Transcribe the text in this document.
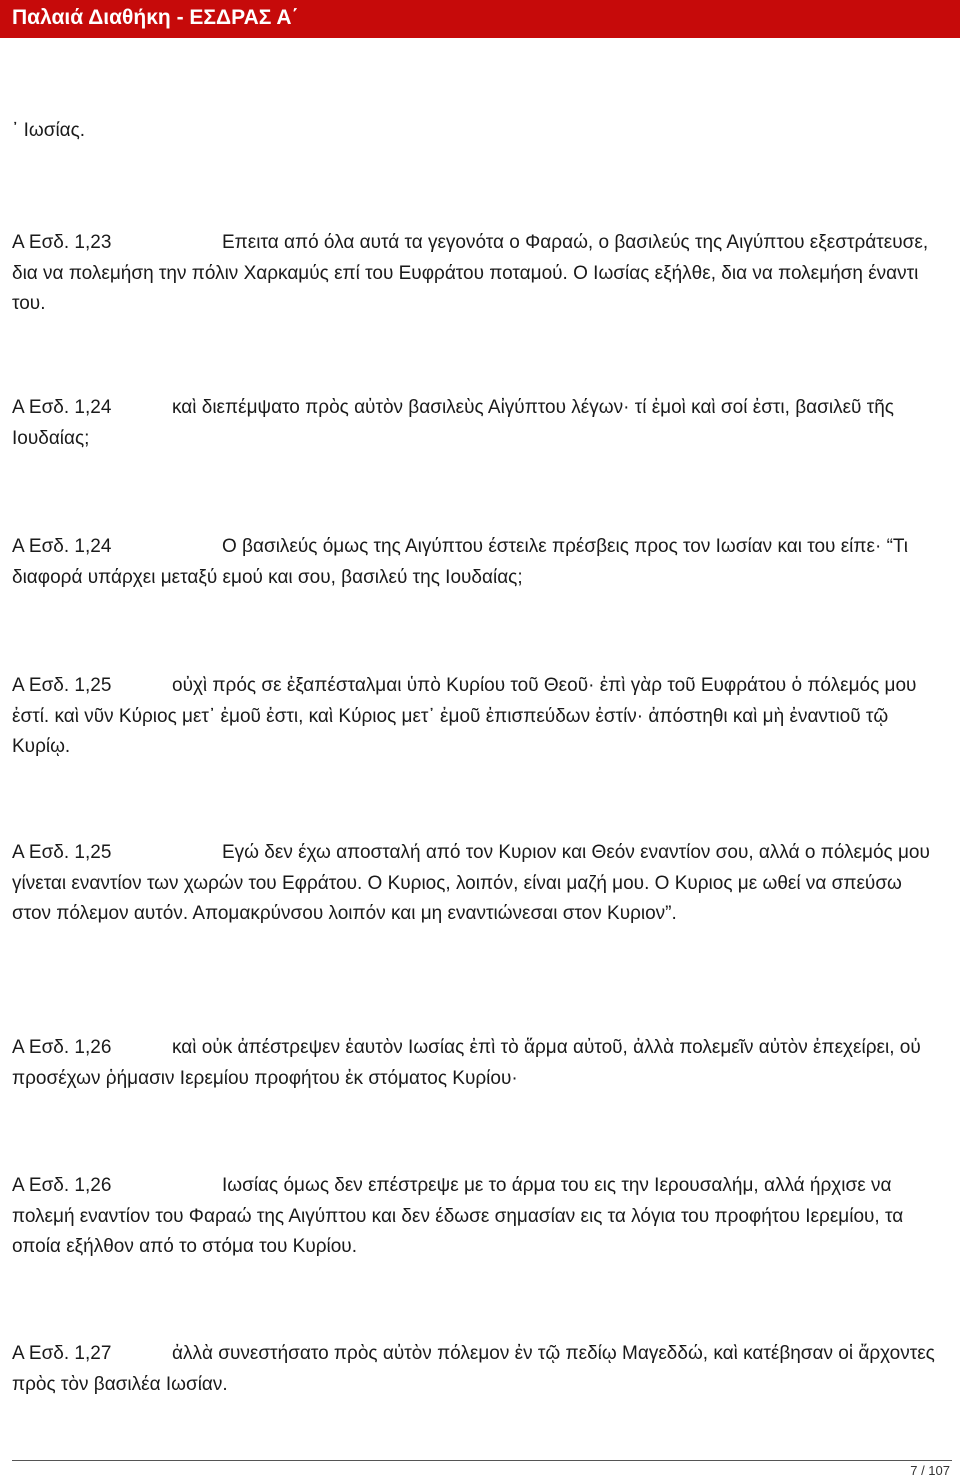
Παλαιά Διαθήκη - ΕΣΔΡΑΣ Α΄

᾿ Ιωσίας.

Α Εσδ. 1,23	Επειτα από όλα αυτά τα γεγονότα ο Φαραώ, ο βασιλεύς της Αιγύπτου εξεστράτευσε, δια να πολεμήση την πόλιν Χαρκαμύς επί του Ευφράτου ποταμού. Ο Ιωσίας εξήλθε, δια να πολεμήση έναντι του.

Α Εσδ. 1,24	καὶ διεπέμψατο πρὸς αὐτὸν βασιλεὺς Αἰγύπτου λέγων· τί ἐμοὶ καὶ σοί ἐστι, βασιλεῦ τῆς Ιουδαίας;

Α Εσδ. 1,24	Ο βασιλεύς όμως της Αιγύπτου έστειλε πρέσβεις προς τον Ιωσίαν και του είπε· “Τι διαφορά υπάρχει μεταξύ εμού και σου, βασιλεύ της Ιουδαίας;

Α Εσδ. 1,25	οὐχὶ πρός σε ἐξαπέσταλμαι ὑπὸ Κυρίου τοῦ Θεοῦ· ἐπὶ γὰρ τοῦ Ευφράτου ὁ πόλεμός μου ἐστί. καὶ νῦν Κύριος μετ᾿ ἐμοῦ ἐστι, καὶ Κύριος μετ᾿ ἐμοῦ ἐπισπεύδων ἐστίν· ἀπόστηθι καὶ μὴ ἐναντιοῦ τῷ Κυρίῳ.

Α Εσδ. 1,25	Εγώ δεν έχω αποσταλή από τον Κυριον και Θεόν εναντίον σου, αλλά ο πόλεμός μου γίνεται εναντίον των χωρών του Εφράτου. Ο Κυριος, λοιπόν, είναι μαζή μου. Ο Κυριος με ωθεί να σπεύσω στον πόλεμον αυτόν. Απομακρύνσου λοιπόν και μη εναντιώνεσαι στον Κυριον”.

Α Εσδ. 1,26	καὶ οὐκ ἀπέστρεψεν ἑαυτὸν Ιωσίας ἐπὶ τὸ ἅρμα αὐτοῦ, ἀλλὰ πολεμεῖν αὐτὸν ἐπεχείρει, οὐ προσέχων ῥήμασιν Ιερεμίου προφήτου ἐκ στόματος Κυρίου·

Α Εσδ. 1,26	Ιωσίας όμως δεν επέστρεψε με το άρμα του εις την Ιερουσαλήμ, αλλά ήρχισε να πολεμή εναντίον του Φαραώ της Αιγύπτου και δεν έδωσε σημασίαν εις τα λόγια του προφήτου Ιερεμίου, τα οποία εξήλθον από το στόμα του Κυρίου.

Α Εσδ. 1,27	ἀλλὰ συνεστήσατο πρὸς αὐτὸν πόλεμον ἐν τῷ πεδίῳ Μαγεδδώ, καὶ κατέβησαν οἱ ἄρχοντες πρὸς τὸν βασιλέα Ιωσίαν.

7 / 107
